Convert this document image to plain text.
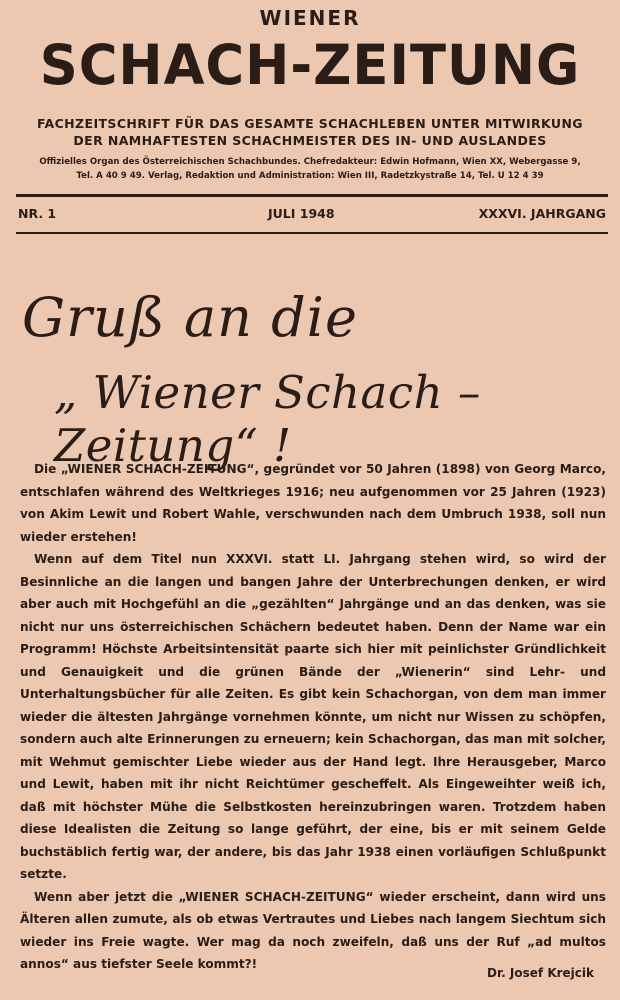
WIENER
SCHACH-ZEITUNG
FACHZEITSCHRIFT FÜR DAS GESAMTE SCHACHLEBEN UNTER MITWIRKUNG
DER NAMHAFTESTEN SCHACHMEISTER DES IN- UND AUSLANDES
Offizielles Organ des Österreichischen Schachbundes. Chefredakteur: Edwin Hofmann, Wien XX, Webergasse 9,
Tel. A 40 9 49. Verlag, Redaktion und Administration: Wien III, Radetzkystraße 14, Tel. U 12 4 39
NR. 1	JULI 1948	XXXVI. JAHRGANG
Gruß an die
„ Wiener Schach – Zeitung“ !

Die „WIENER SCHACH-ZEITUNG“, gegründet vor 50 Jahren (1898) von Georg Marco, entschlafen während des Weltkrieges 1916; neu aufgenommen vor 25 Jahren (1923) von Akim Lewit und Robert Wahle, verschwunden nach dem Umbruch 1938, soll nun wieder erstehen!

Wenn auf dem Titel nun XXXVI. statt LI. Jahrgang stehen wird, so wird der Besinnliche an die langen und bangen Jahre der Unterbrechungen denken, er wird aber auch mit Hochgefühl an die „gezählten“ Jahrgänge und an das denken, was sie nicht nur uns österreichischen Schächern bedeutet haben. Denn der Name war ein Programm! Höchste Arbeitsintensität paarte sich hier mit peinlichster Gründlichkeit und Genauigkeit und die grünen Bände der „Wienerin“ sind Lehr- und Unterhaltungsbücher für alle Zeiten. Es gibt kein Schachorgan, von dem man immer wieder die ältesten Jahrgänge vornehmen könnte, um nicht nur Wissen zu schöpfen, sondern auch alte Erinnerungen zu erneuern; kein Schachorgan, das man mit solcher, mit Wehmut gemischter Liebe wieder aus der Hand legt. Ihre Herausgeber, Marco und Lewit, haben mit ihr nicht Reichtümer gescheffelt. Als Eingeweihter weiß ich, daß mit höchster Mühe die Selbstkosten hereinzubringen waren. Trotzdem haben diese Idealisten die Zeitung so lange geführt, der eine, bis er mit seinem Gelde buchstäblich fertig war, der andere, bis das Jahr 1938 einen vorläufigen Schlußpunkt setzte.

Wenn aber jetzt die „WIENER SCHACH-ZEITUNG“ wieder erscheint, dann wird uns Älteren allen zumute, als ob etwas Vertrautes und Liebes nach langem Siechtum sich wieder ins Freie wagte. Wer mag da noch zweifeln, daß uns der Ruf „ad multos annos“ aus tiefster Seele kommt?!

Dr. Josef Krejcik
